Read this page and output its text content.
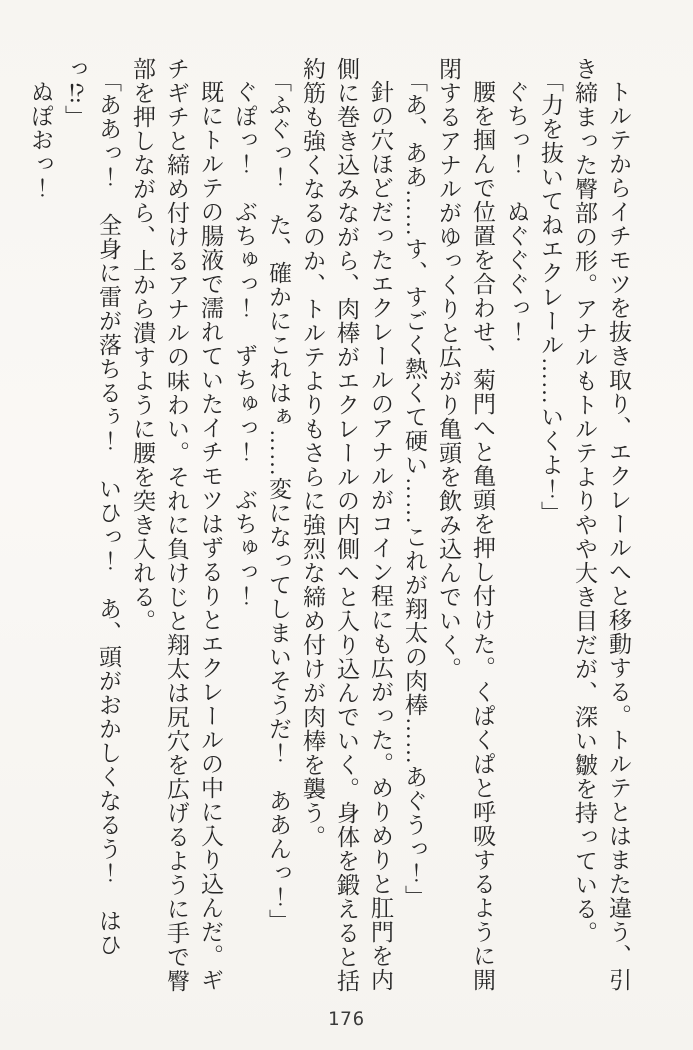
トルテからイチモツを抜き取り、エクレールへと移動する。トルテとはまた違う、引き締まった臀部の形。アナルもトルテよりやや大き目だが、深い皺を持っている。

「力を抜いてねエクレール……いくよ！」

ぐちっ！　ぬぐぐぐっ！

腰を掴んで位置を合わせ、菊門へと亀頭を押し付けた。くぱくぱと呼吸するように開閉するアナルがゆっくりと広がり亀頭を飲み込んでいく。

「あ、ああ……す、すごく熱くて硬い……これが翔太の肉棒……あぐうっ！」

針の穴ほどだったエクレールのアナルがコイン程にも広がった。めりめりと肛門を内側に巻き込みながら、肉棒がエクレールの内側へと入り込んでいく。身体を鍛えると括約筋も強くなるのか、トルテよりもさらに強烈な締め付けが肉棒を襲う。

「ふぐっ！　た、確かにこれはぁ……変になってしまいそうだ！　ああんっ！」

ぐぽっ！　ぶちゅっ！　ずちゅっ！　ぶちゅっ！

既にトルテの腸液で濡れていたイチモツはずるりとエクレールの中に入り込んだ。ギチギチと締め付けるアナルの味わい。それに負けじと翔太は尻穴を広げるように手で臀部を押しながら、上から潰すように腰を突き入れる。

「ああっ！　全身に雷が落ちるぅ！　いひっ！　あ、頭がおかしくなるう！　はひっ⁉」

ぬぽおっ！

176
